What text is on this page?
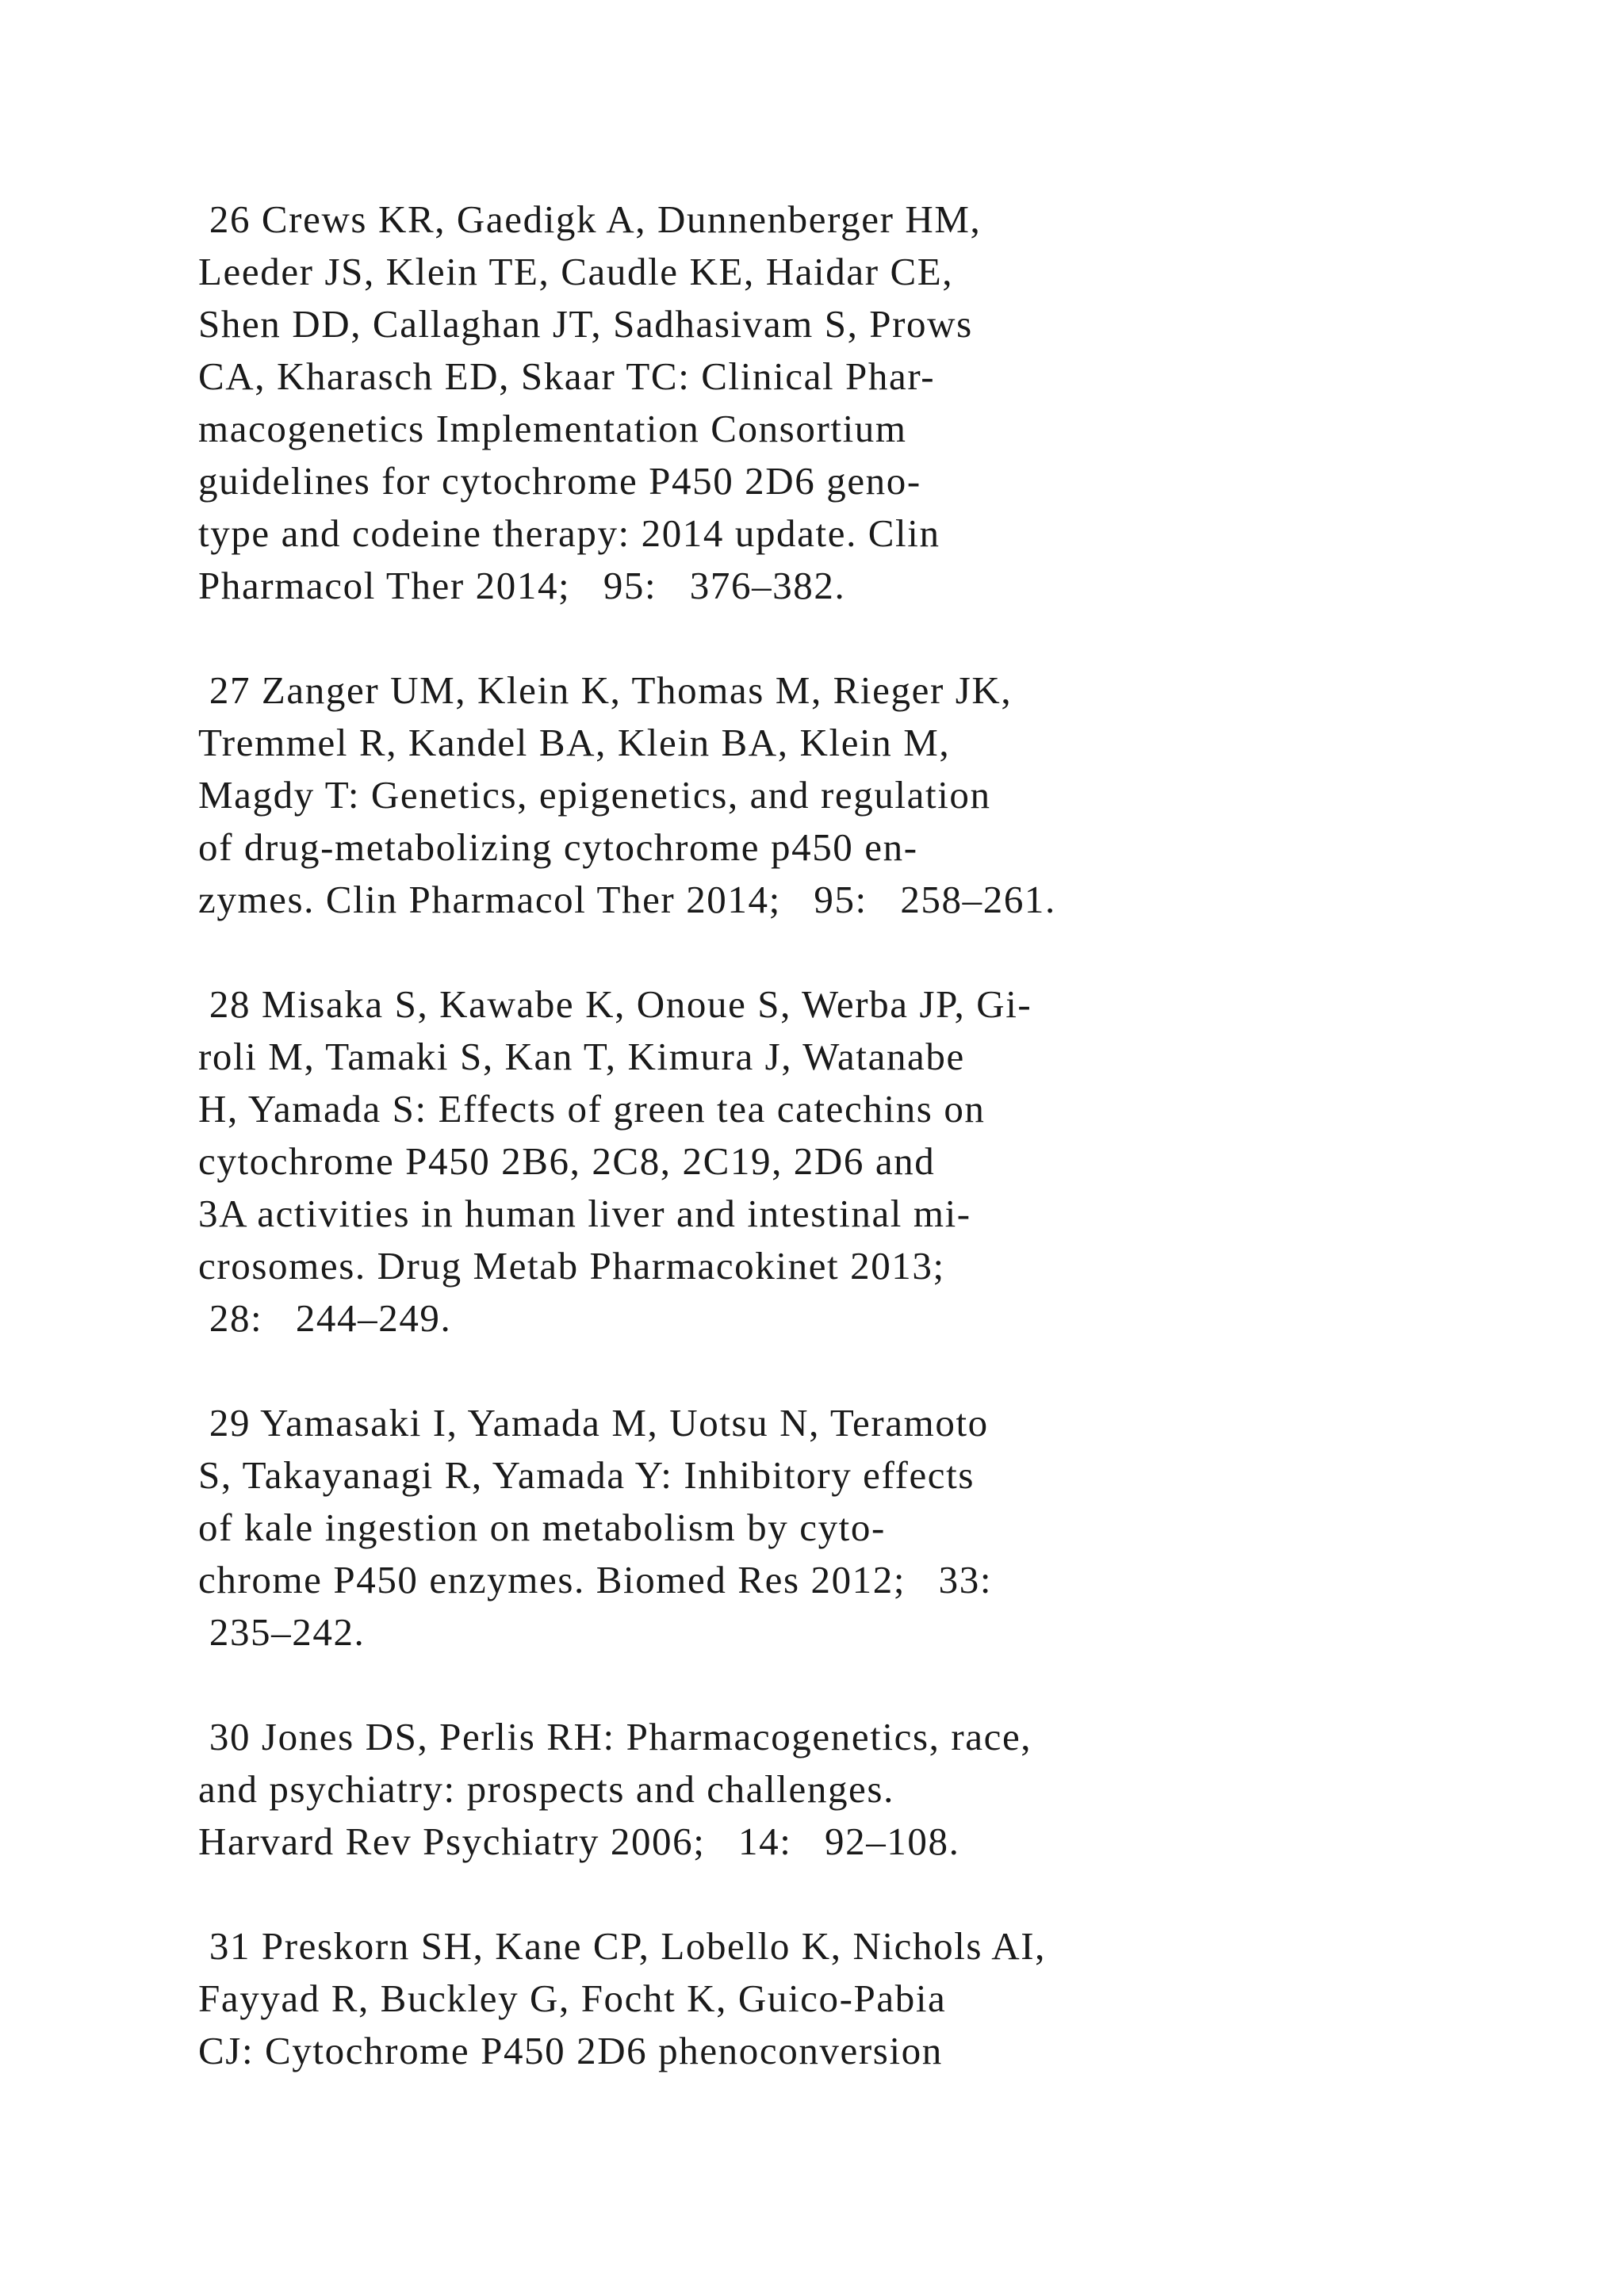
26 Crews KR, Gaedigk A, Dunnenberger HM,
Leeder JS, Klein TE, Caudle KE, Haidar CE,
Shen DD, Callaghan JT, Sadhasivam S, Prows
CA, Kharasch ED, Skaar TC: Clinical Phar-
macogenetics Implementation Consortium
guidelines for cytochrome P450 2D6 geno-
type and codeine therapy: 2014 update. Clin
Pharmacol Ther 2014;   95:   376–382.
27 Zanger UM, Klein K, Thomas M, Rieger JK,
Tremmel R, Kandel BA, Klein BA, Klein M,
Magdy T: Genetics, epigenetics, and regulation
of drug-metabolizing cytochrome p450 en-
zymes. Clin Pharmacol Ther 2014;   95:   258–261.
28 Misaka S, Kawabe K, Onoue S, Werba JP, Gi-
roli M, Tamaki S, Kan T, Kimura J, Watanabe
H, Yamada S: Effects of green tea catechins on
cytochrome P450 2B6, 2C8, 2C19, 2D6 and
3A activities in human liver and intestinal mi-
crosomes. Drug Metab Pharmacokinet 2013;
28:   244–249.
29 Yamasaki I, Yamada M, Uotsu N, Teramoto
S, Takayanagi R, Yamada Y: Inhibitory effects
of kale ingestion on metabolism by cyto-
chrome P450 enzymes. Biomed Res 2012;   33:
235–242.
30 Jones DS, Perlis RH: Pharmacogenetics, race,
and psychiatry: prospects and challenges.
Harvard Rev Psychiatry 2006;   14:   92–108.
31 Preskorn SH, Kane CP, Lobello K, Nichols AI,
Fayyad R, Buckley G, Focht K, Guico-Pabia
CJ: Cytochrome P450 2D6 phenoconversion
